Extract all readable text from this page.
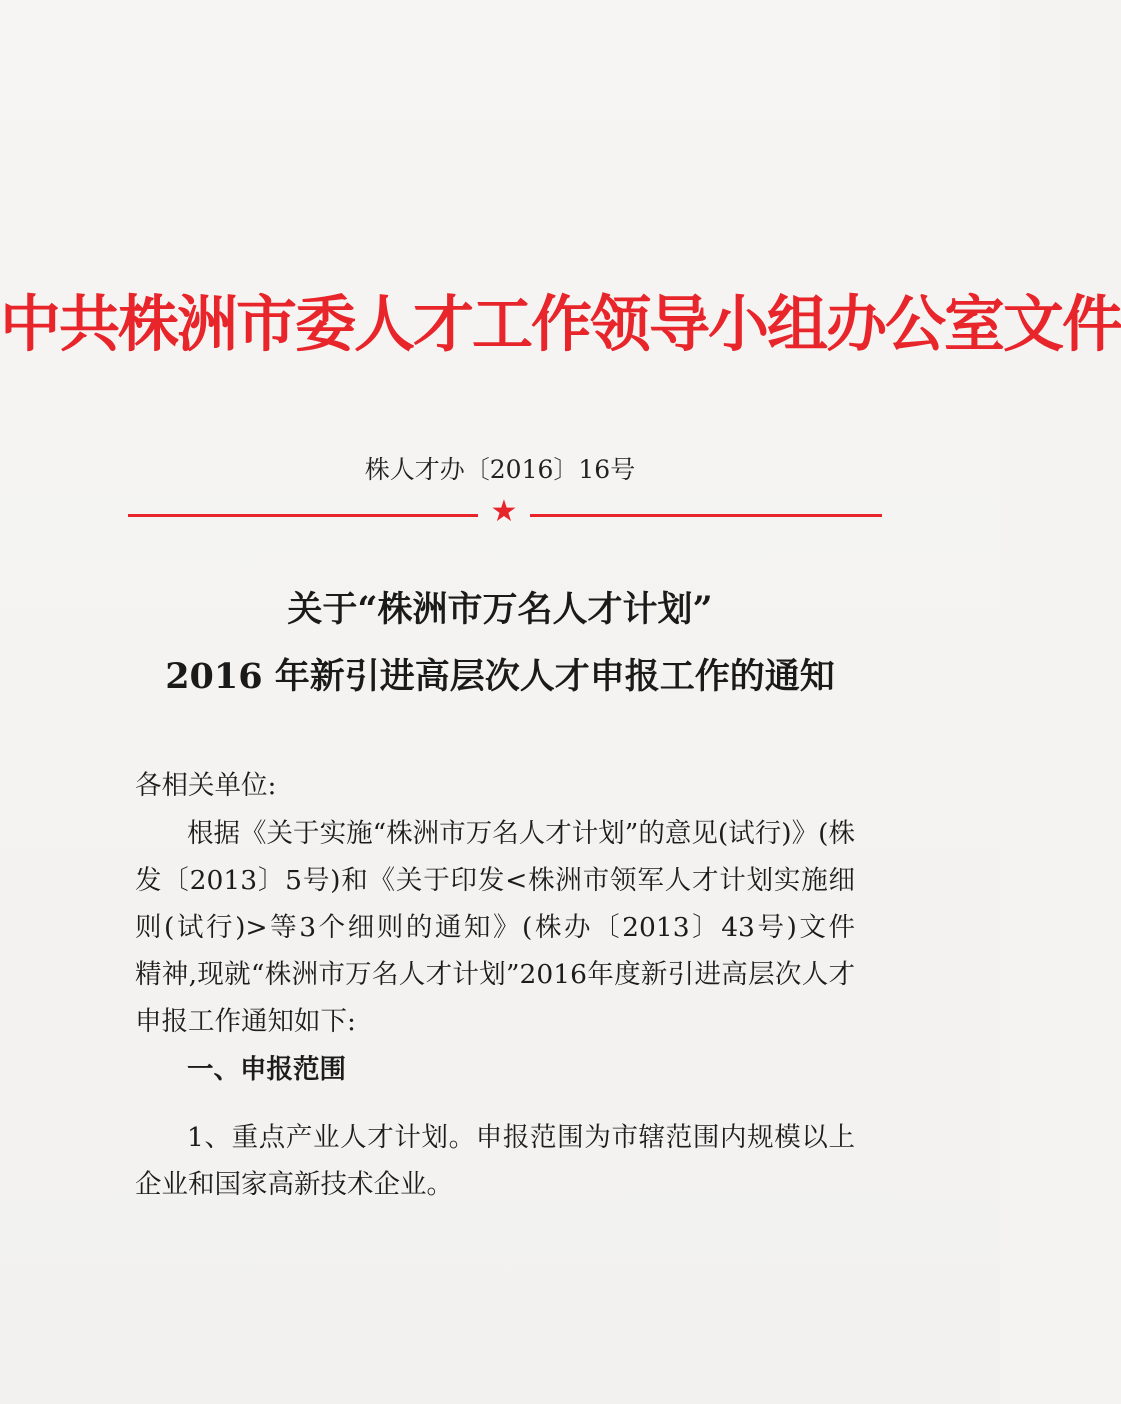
中共株洲市委人才工作领导小组办公室文件
株人才办〔2016〕16号
★
关于“株洲市万名人才计划”
2016 年新引进高层次人才申报工作的通知
各相关单位:
根据《关于实施“株洲市万名人才计划”的意见(试行)》(株
发〔2013〕5号)和《关于印发<株洲市领军人才计划实施细
则(试行)>等3个细则的通知》(株办〔2013〕43号)文件
精神,现就“株洲市万名人才计划”2016年度新引进高层次人才
申报工作通知如下:
一、申报范围
1、重点产业人才计划。申报范围为市辖范围内规模以上
企业和国家高新技术企业。
